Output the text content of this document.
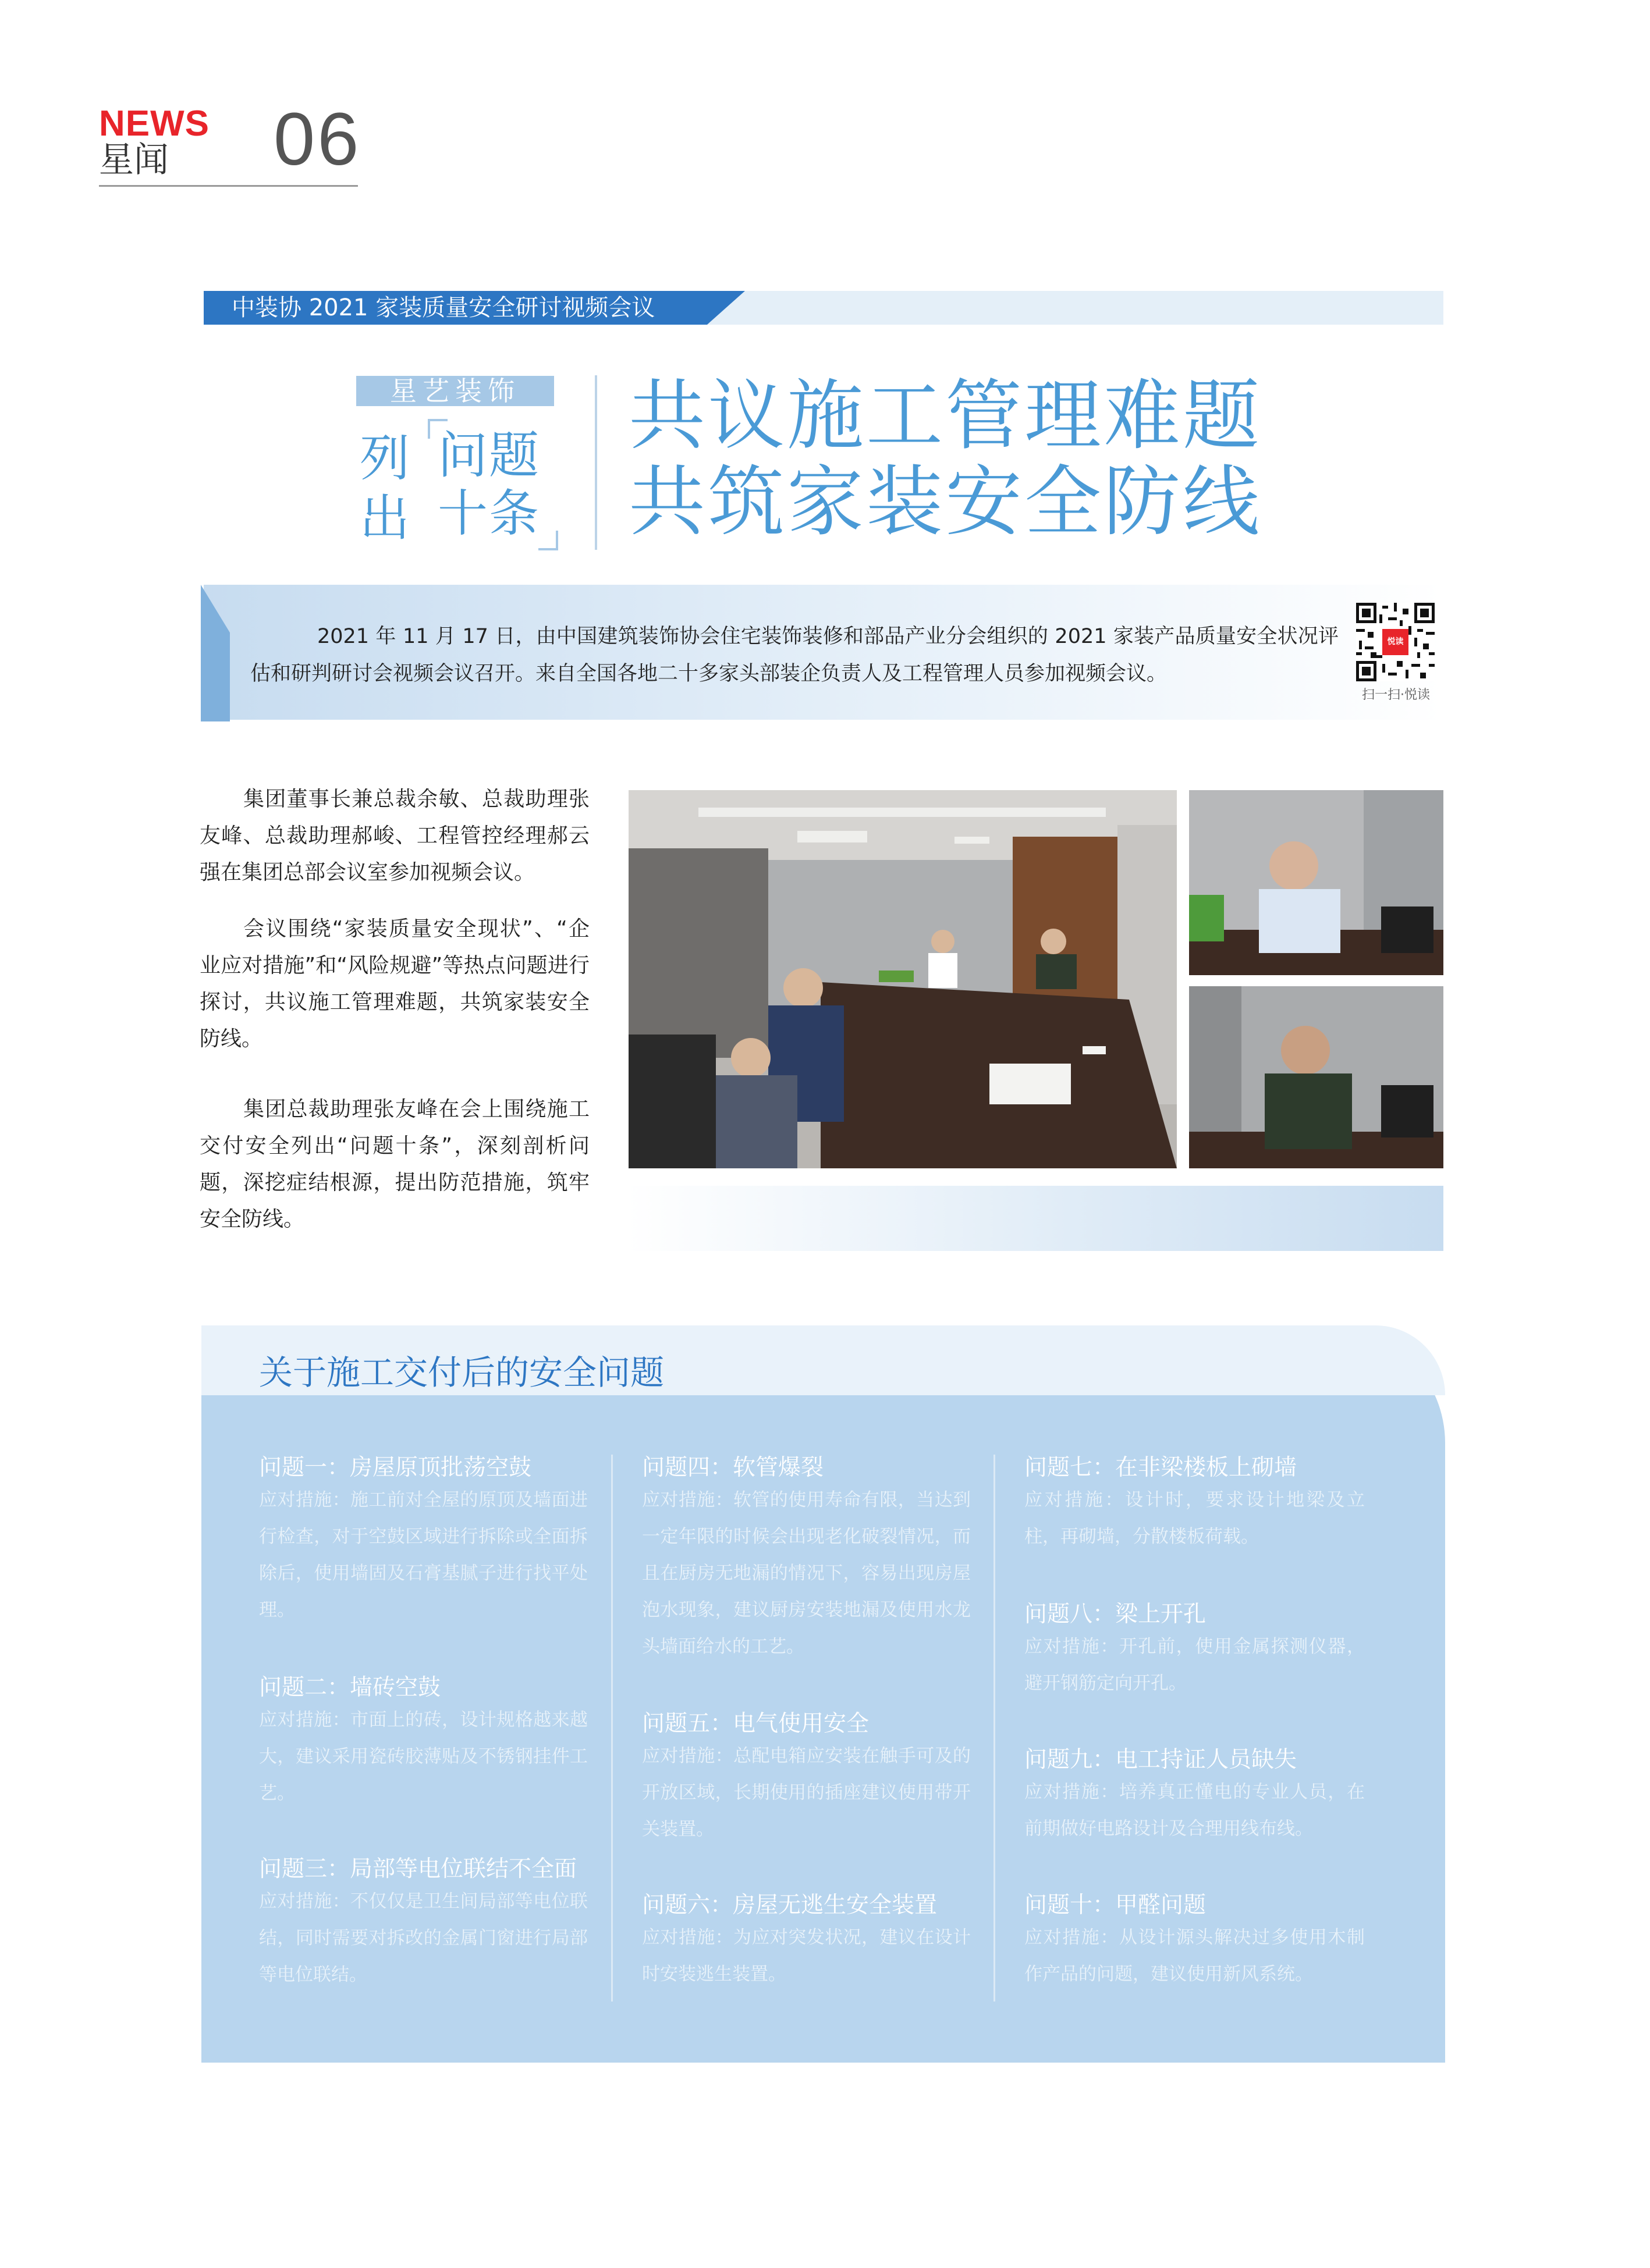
NEWS
星闻 06
中装协 2021 家装质量安全研讨视频会议
星艺装饰
列
出
问题
十条
共议施工管理难题
共筑家装安全防线
2021 年 11 月 17 日，由中国建筑装饰协会住宅装饰装修和部品产业分会组织的 2021 家装产品质量安全状况评估和研判研讨会视频会议召开。来自全国各地二十多家头部装企负责人及工程管理人员参加视频会议。
悦读
扫一扫·悦读
集团董事长兼总裁余敏、总裁助理张友峰、总裁助理郝峻、工程管控经理郝云强在集团总部会议室参加视频会议。
会议围绕“家装质量安全现状”、“企业应对措施”和“风险规避”等热点问题进行探讨，共议施工管理难题，共筑家装安全防线。
集团总裁助理张友峰在会上围绕施工交付安全列出“问题十条”，深刻剖析问题，深挖症结根源，提出防范措施，筑牢安全防线。
关于施工交付后的安全问题
问题一：房屋原顶批荡空鼓
应对措施：施工前对全屋的原顶及墙面进行检查，对于空鼓区域进行拆除或全面拆除后，使用墙固及石膏基腻子进行找平处理。
问题二：墙砖空鼓
应对措施：市面上的砖，设计规格越来越大，建议采用瓷砖胶薄贴及不锈钢挂件工艺。
问题三：局部等电位联结不全面
应对措施：不仅仅是卫生间局部等电位联结，同时需要对拆改的金属门窗进行局部等电位联结。
问题四：软管爆裂
应对措施：软管的使用寿命有限，当达到一定年限的时候会出现老化破裂情况，而且在厨房无地漏的情况下，容易出现房屋泡水现象，建议厨房安装地漏及使用水龙头墙面给水的工艺。
问题五：电气使用安全
应对措施：总配电箱应安装在触手可及的开放区域，长期使用的插座建议使用带开关装置。
问题六：房屋无逃生安全装置
应对措施：为应对突发状况，建议在设计时安装逃生装置。
问题七：在非梁楼板上砌墙
应对措施：设计时，要求设计地梁及立柱，再砌墙，分散楼板荷载。
问题八：梁上开孔
应对措施：开孔前，使用金属探测仪器，避开钢筋定向开孔。
问题九：电工持证人员缺失
应对措施：培养真正懂电的专业人员，在前期做好电路设计及合理用线布线。
问题十：甲醛问题
应对措施：从设计源头解决过多使用木制作产品的问题，建议使用新风系统。
